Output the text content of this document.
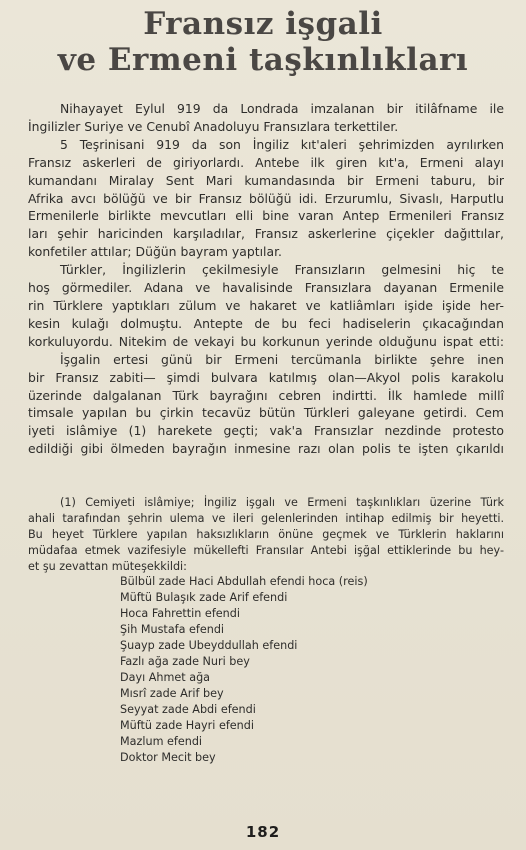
Fransız işgali
ve Ermeni taşkınlıkları
Nihayayet Eylul 919 da Londrada imzalanan bir itilâfname ile
İngilizler Suriye ve Cenubî Anadoluyu Fransızlara terkettiler.
5 Teşrinisani 919 da son İngiliz kıt'aleri şehrimizden ayrılırken
Fransız askerleri de giriyorlardı. Antebe ilk giren kıt'a, Ermeni alayı
kumandanı Miralay Sent Mari kumandasında bir Ermeni taburu, bir
Afrika avcı bölüğü ve bir Fransız bölüğü idi. Erzurumlu, Sivaslı, Harputlu
Ermenilerle birlikte mevcutları elli bine varan Antep Ermenileri Fransız
ları şehir haricinden karşıladılar, Fransız askerlerine çiçekler dağıttılar,
konfetiler attılar; Düğün bayram yaptılar.
Türkler, İngilizlerin çekilmesiyle Fransızların gelmesini hiç te
hoş görmediler. Adana ve havalisinde Fransızlara dayanan Ermenile
rin Türklere yaptıkları zülum ve hakaret ve katliâmları işide işide her-
kesin kulağı dolmuştu. Antepte de bu feci hadiselerin çıkacağından
korkuluyordu. Nitekim de vekayi bu korkunun yerinde olduğunu ispat etti:
İşgalin ertesi günü bir Ermeni tercümanla birlikte şehre inen
bir Fransız zabiti— şimdi bulvara katılmış olan—Akyol polis karakolu
üzerinde dalgalanan Türk bayrağını cebren indirtti. İlk hamlede millî
timsale yapılan bu çirkin tecavüz bütün Türkleri galeyane getirdi. Cem
iyeti islâmiye (1) harekete geçti; vak'a Fransızlar nezdinde protesto
edildiği gibi ölmeden bayrağın inmesine razı olan polis te işten çıkarıldı
(1) Cemiyeti islâmiye; İngiliz işgalı ve Ermeni taşkınlıkları üzerine Türk
ahali tarafından şehrin ulema ve ileri gelenlerinden intihap edilmiş bir heyetti.
Bu heyet Türklere yapılan haksızlıkların önüne geçmek ve Türklerin haklarını
müdafaa etmek vazifesiyle mükellefti Fransılar Antebi işğal ettiklerinde bu hey-
et şu zevattan müteşekkildi:
Bülbül zade Haci Abdullah efendi hoca (reis)
Müftü Bulaşık zade Arif efendi
Hoca Fahrettin efendi
Şih Mustafa efendi
Şuayp zade Ubeyddullah efendi
Fazlı ağa zade Nuri bey
Dayı Ahmet ağa
Mısrî zade Arif bey
Seyyat zade Abdi efendi
Müftü zade Hayri efendi
Mazlum efendi
Doktor Mecit bey
182
